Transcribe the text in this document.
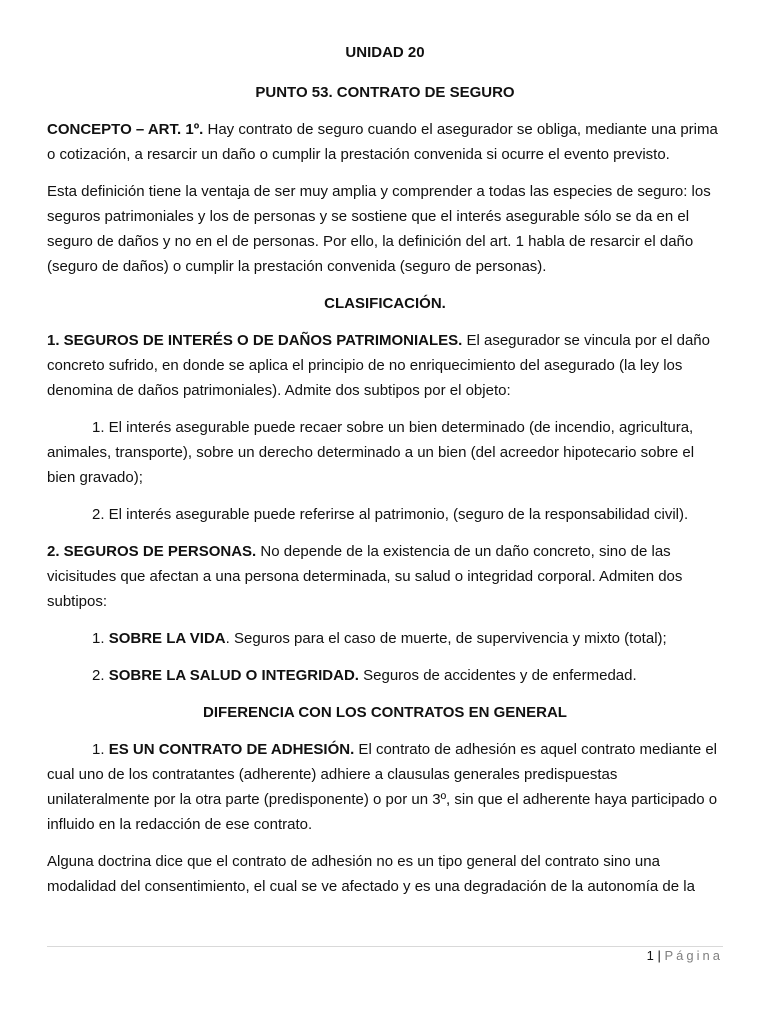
UNIDAD 20

PUNTO 53. CONTRATO DE SEGURO

CONCEPTO – ART. 1º. Hay contrato de seguro cuando el asegurador se obliga, mediante una prima o cotización, a resarcir un daño o cumplir la prestación convenida si ocurre el evento previsto.

Esta definición tiene la ventaja de ser muy amplia y comprender a todas las especies de seguro: los seguros patrimoniales y los de personas y se sostiene que el interés asegurable sólo se da en el seguro de daños y no en el de personas. Por ello, la definición del art. 1 habla de resarcir el daño (seguro de daños) o cumplir la prestación convenida (seguro de personas).

CLASIFICACIÓN.

1. SEGUROS DE INTERÉS O DE DAÑOS PATRIMONIALES. El asegurador se vincula por el daño concreto sufrido, en donde se aplica el principio de no enriquecimiento del asegurado (la ley los denomina de daños patrimoniales). Admite dos subtipos por el objeto:

1. El interés asegurable puede recaer sobre un bien determinado (de incendio, agricultura, animales, transporte), sobre un derecho determinado a un bien (del acreedor hipotecario sobre el bien gravado);

2. El interés asegurable puede referirse al patrimonio, (seguro de la responsabilidad civil).

2. SEGUROS DE PERSONAS. No depende de la existencia de un daño concreto, sino de las vicisitudes que afectan a una persona determinada, su salud o integridad corporal. Admiten dos subtipos:

1. SOBRE LA VIDA. Seguros para el caso de muerte, de supervivencia y mixto (total);

2. SOBRE LA SALUD O INTEGRIDAD. Seguros de accidentes y de enfermedad.

DIFERENCIA CON LOS CONTRATOS EN GENERAL

1. ES UN CONTRATO DE ADHESIÓN. El contrato de adhesión es aquel contrato mediante el cual uno de los contratantes (adherente) adhiere a clausulas generales predispuestas unilateralmente por la otra parte (predisponente) o por un 3º, sin que el adherente haya participado o influido en la redacción de ese contrato.

Alguna doctrina dice que el contrato de adhesión no es un tipo general del contrato sino una modalidad del consentimiento, el cual se ve afectado y es una degradación de la autonomía de la

1 | Página
